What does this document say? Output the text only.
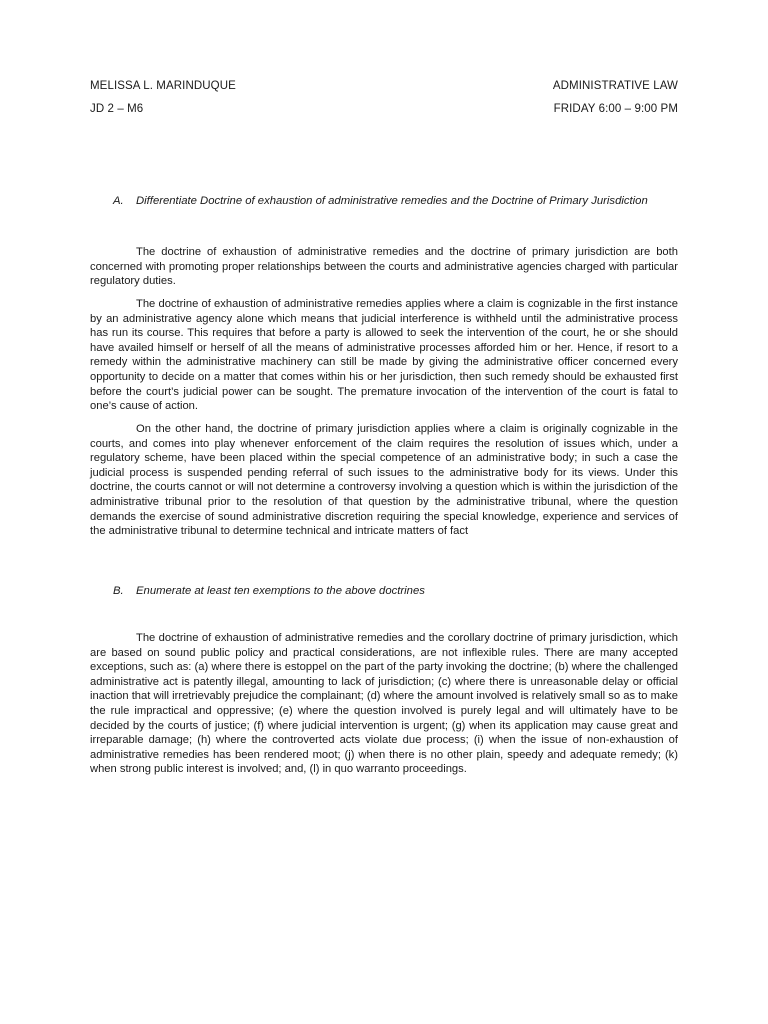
MELISSA L. MARINDUQUE	ADMINISTRATIVE LAW
JD 2 – M6	FRIDAY 6:00 – 9:00 PM
A.	Differentiate Doctrine of exhaustion of administrative remedies and the Doctrine of Primary Jurisdiction

The doctrine of exhaustion of administrative remedies and the doctrine of primary jurisdiction are both concerned with promoting proper relationships between the courts and administrative agencies charged with particular regulatory duties.

The doctrine of exhaustion of administrative remedies applies where a claim is cognizable in the first instance by an administrative agency alone which means that judicial interference is withheld until the administrative process has run its course. This requires that before a party is allowed to seek the intervention of the court, he or she should have availed himself or herself of all the means of administrative processes afforded him or her. Hence, if resort to a remedy within the administrative machinery can still be made by giving the administrative officer concerned every opportunity to decide on a matter that comes within his or her jurisdiction, then such remedy should be exhausted first before the court’s judicial power can be sought. The premature invocation of the intervention of the court is fatal to one’s cause of action.

On the other hand, the doctrine of primary jurisdiction applies where a claim is originally cognizable in the courts, and comes into play whenever enforcement of the claim requires the resolution of issues which, under a regulatory scheme, have been placed within the special competence of an administrative body; in such a case the judicial process is suspended pending referral of such issues to the administrative body for its views. Under this doctrine, the courts cannot or will not determine a controversy involving a question which is within the jurisdiction of the administrative tribunal prior to the resolution of that question by the administrative tribunal, where the question demands the exercise of sound administrative discretion requiring the special knowledge, experience and services of the administrative tribunal to determine technical and intricate matters of fact

B.	Enumerate at least ten exemptions to the above doctrines

The doctrine of exhaustion of administrative remedies and the corollary doctrine of primary jurisdiction, which are based on sound public policy and practical considerations, are not inflexible rules. There are many accepted exceptions, such as: (a) where there is estoppel on the part of the party invoking the doctrine; (b) where the challenged administrative act is patently illegal, amounting to lack of jurisdiction; (c) where there is unreasonable delay or official inaction that will irretrievably prejudice the complainant; (d) where the amount involved is relatively small so as to make the rule impractical and oppressive; (e) where the question involved is purely legal and will ultimately have to be decided by the courts of justice; (f) where judicial intervention is urgent; (g) when its application may cause great and irreparable damage; (h) where the controverted acts violate due process; (i) when the issue of non-exhaustion of administrative remedies has been rendered moot; (j) when there is no other plain, speedy and adequate remedy; (k) when strong public interest is involved; and, (l) in quo warranto proceedings.
